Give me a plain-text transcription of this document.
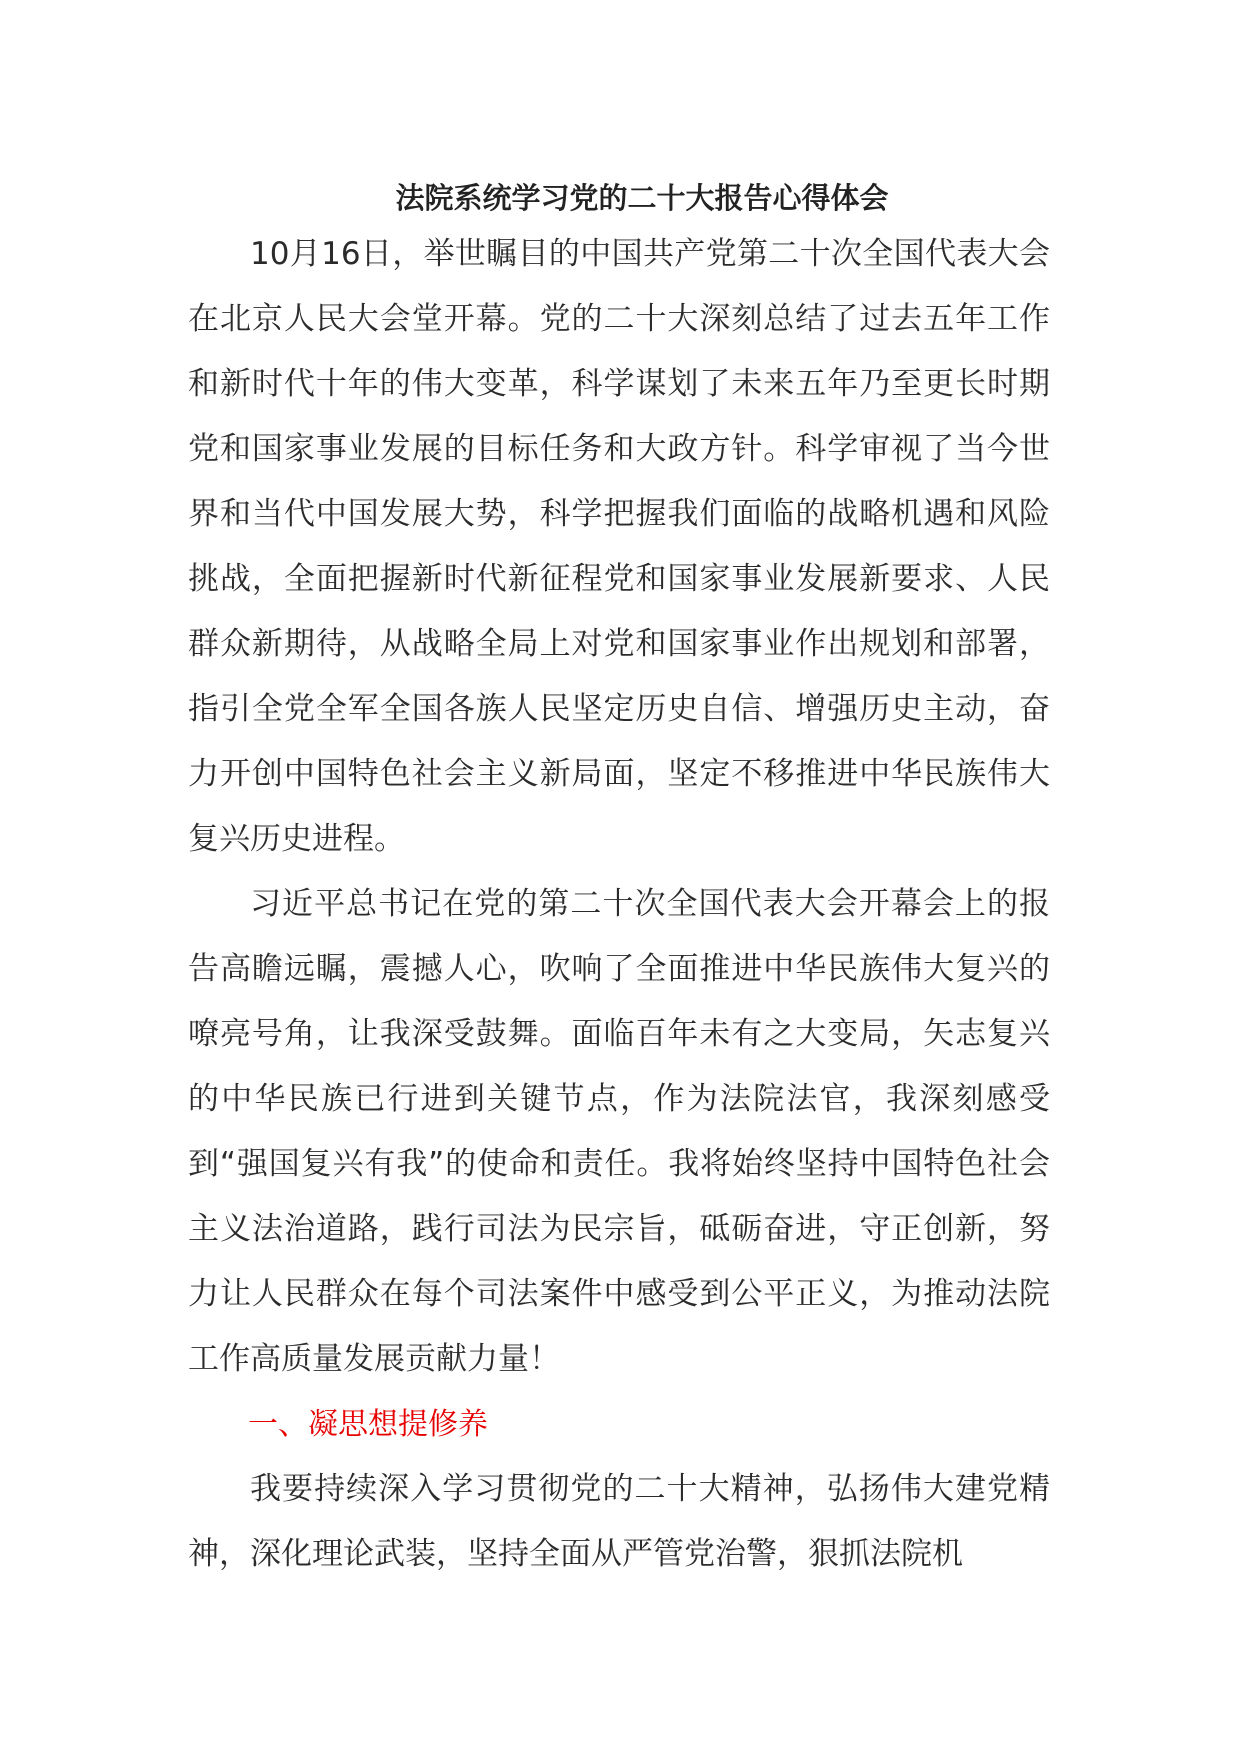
法院系统学习党的二十大报告心得体会

10月16日，举世瞩目的中国共产党第二十次全国代表大会在北京人民大会堂开幕。党的二十大深刻总结了过去五年工作和新时代十年的伟大变革，科学谋划了未来五年乃至更长时期党和国家事业发展的目标任务和大政方针。科学审视了当今世界和当代中国发展大势，科学把握我们面临的战略机遇和风险挑战，全面把握新时代新征程党和国家事业发展新要求、人民群众新期待，从战略全局上对党和国家事业作出规划和部署，指引全党全军全国各族人民坚定历史自信、增强历史主动，奋力开创中国特色社会主义新局面，坚定不移推进中华民族伟大复兴历史进程。

习近平总书记在党的第二十次全国代表大会开幕会上的报告高瞻远瞩，震撼人心，吹响了全面推进中华民族伟大复兴的嘹亮号角，让我深受鼓舞。面临百年未有之大变局，矢志复兴的中华民族已行进到关键节点，作为法院法官，我深刻感受到“强国复兴有我”的使命和责任。我将始终坚持中国特色社会主义法治道路，践行司法为民宗旨，砥砺奋进，守正创新，努力让人民群众在每个司法案件中感受到公平正义，为推动法院工作高质量发展贡献力量！

一、凝思想提修养

我要持续深入学习贯彻党的二十大精神，弘扬伟大建党精神，深化理论武装，坚持全面从严管党治警，狠抓法院机
